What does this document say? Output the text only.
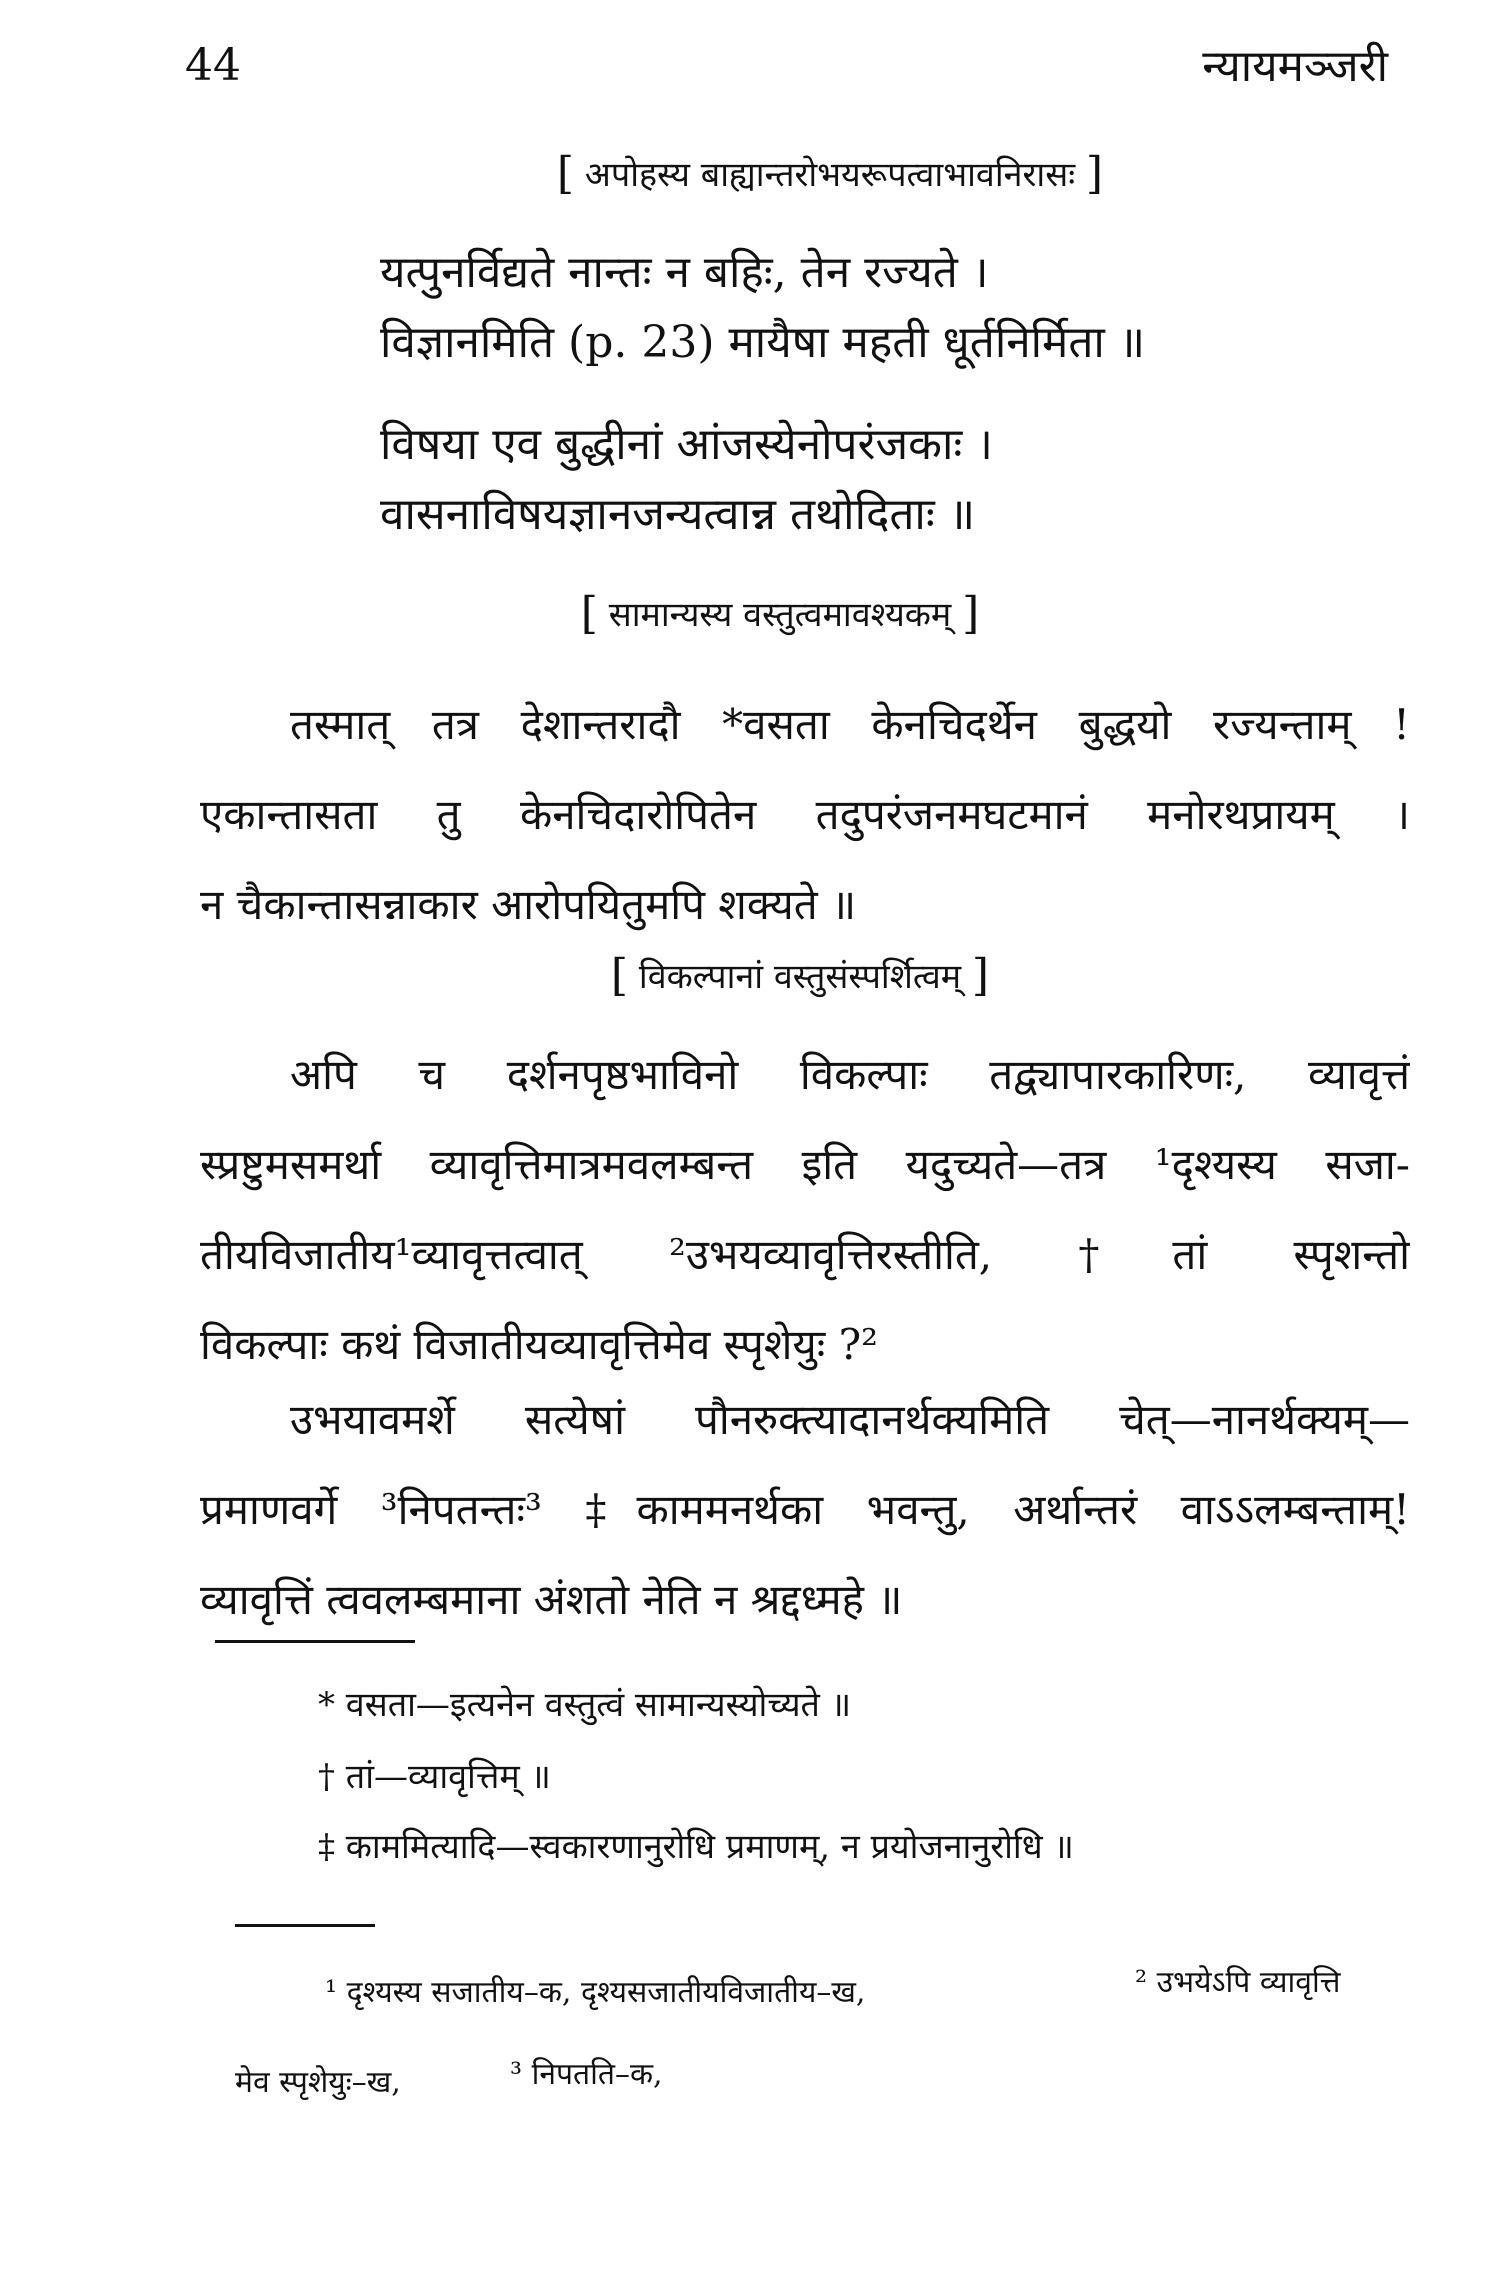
44	न्यायमञ्जरी
[ अपोहस्य बाह्यान्तरोभयरूपत्वाभावनिरासः ]
यत्पुनर्विद्यते नान्तः न बहिः, तेन रज्यते ।
विज्ञानमिति (p. 23) मायैषा महती धूर्तनिर्मिता ॥
विषया एव बुद्धीनां आंजस्येनोपरंजकाः ।
वासनाविषयज्ञानजन्यत्वान्न तथोदिताः ॥
[ सामान्यस्य वस्तुत्वमावश्यकम् ]
तस्मात् तत्र देशान्तरादौ *वसता केनचिदर्थेन बुद्धयो रज्यन्ताम् !
एकान्तासता तु केनचिदारोपितेन तदुपरंजनमघटमानं मनोरथप्रायम् ।
न चैकान्तासन्नाकार आरोपयितुमपि शक्यते ॥
[ विकल्पानां वस्तुसंस्पर्शित्वम् ]
अपि च दर्शनपृष्ठभाविनो विकल्पाः तद्व्यापारकारिणः, व्यावृत्तं
स्प्रष्टुमसमर्था व्यावृत्तिमात्रमवलम्बन्त इति यदुच्यते—तत्र ¹दृश्यस्य सजा-
तीयविजातीय¹व्यावृत्तत्वात् ²उभयव्यावृत्तिरस्तीति, †तां स्पृशन्तो
विकल्पाः कथं विजातीयव्यावृत्तिमेव स्पृशेयुः ?²
उभयावमर्शे सत्येषां पौनरुक्त्यादानर्थक्यमिति चेत्—नानर्थक्यम्—
प्रमाणवर्गे ³निपतन्तः³ ‡काममनर्थका भवन्तु, अर्थान्तरं वाऽऽलम्बन्ताम्!
व्यावृत्तिं त्ववलम्बमाना अंशतो नेति न श्रद्दध्महे ॥
* वसता—इत्यनेन वस्तुत्वं सामान्यस्योच्यते ॥
† तां—व्यावृत्तिम् ॥
‡ काममित्यादि—स्वकारणानुरोधि प्रमाणम्, न प्रयोजनानुरोधि ॥
¹ दृश्यस्य सजातीय–क, दृश्यसजातीयविजातीय–ख,	² उभयेऽपि व्यावृत्ति
मेव स्पृशेयुः–ख,	³ निपतति–क,
